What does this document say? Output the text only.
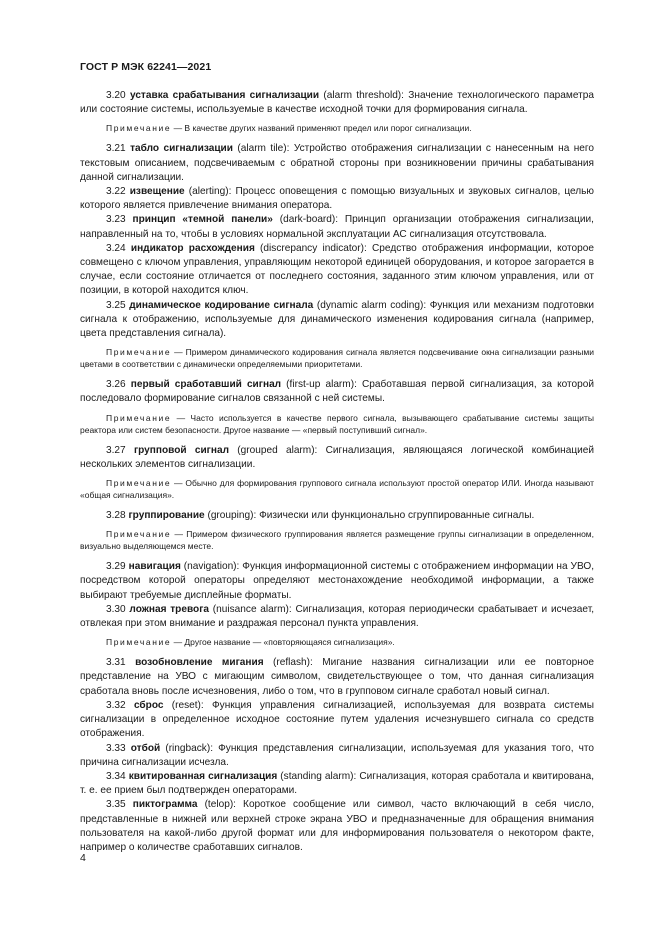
ГОСТ Р МЭК 62241—2021

3.20 уставка срабатывания сигнализации (alarm threshold): Значение технологического параметра или состояние системы, используемые в качестве исходной точки для формирования сигнала.

Примечание — В качестве других названий применяют предел или порог сигнализации.

3.21 табло сигнализации (alarm tile): Устройство отображения сигнализации с нанесенным на него текстовым описанием, подсвечиваемым с обратной стороны при возникновении причины срабатывания данной сигнализации.

3.22 извещение (alerting): Процесс оповещения с помощью визуальных и звуковых сигналов, целью которого является привлечение внимания оператора.

3.23 принцип «темной панели» (dark-board): Принцип организации отображения сигнализации, направленный на то, чтобы в условиях нормальной эксплуатации АС сигнализация отсутствовала.

3.24 индикатор расхождения (discrepancy indicator): Средство отображения информации, которое совмещено с ключом управления, управляющим некоторой единицей оборудования, и которое загорается в случае, если состояние отличается от последнего состояния, заданного этим ключом управления, или от позиции, в которой находится ключ.

3.25 динамическое кодирование сигнала (dynamic alarm coding): Функция или механизм подготовки сигнала к отображению, используемые для динамического изменения кодирования сигнала (например, цвета представления сигнала).

Примечание — Примером динамического кодирования сигнала является подсвечивание окна сигнализации разными цветами в соответствии с динамически определяемыми приоритетами.

3.26 первый сработавший сигнал (first-up alarm): Сработавшая первой сигнализация, за которой последовало формирование сигналов связанной с ней системы.

Примечание — Часто используется в качестве первого сигнала, вызывающего срабатывание системы защиты реактора или систем безопасности. Другое название — «первый поступивший сигнал».

3.27 групповой сигнал (grouped alarm): Сигнализация, являющаяся логической комбинацией нескольких элементов сигнализации.

Примечание — Обычно для формирования группового сигнала используют простой оператор ИЛИ. Иногда называют «общая сигнализация».

3.28 группирование (grouping): Физически или функционально сгруппированные сигналы.

Примечание — Примером физического группирования является размещение группы сигнализации в определенном, визуально выделяющемся месте.

3.29 навигация (navigation): Функция информационной системы с отображением информации на УВО, посредством которой операторы определяют местонахождение необходимой информации, а также выбирают требуемые дисплейные форматы.

3.30 ложная тревога (nuisance alarm): Сигнализация, которая периодически срабатывает и исчезает, отвлекая при этом внимание и раздражая персонал пункта управления.

Примечание — Другое название — «повторяющаяся сигнализация».

3.31 возобновление мигания (reflash): Мигание названия сигнализации или ее повторное представление на УВО с мигающим символом, свидетельствующее о том, что данная сигнализация сработала вновь после исчезновения, либо о том, что в групповом сигнале сработал новый сигнал.

3.32 сброс (reset): Функция управления сигнализацией, используемая для возврата системы сигнализации в определенное исходное состояние путем удаления исчезнувшего сигнала со средств отображения.

3.33 отбой (ringback): Функция представления сигнализации, используемая для указания того, что причина сигнализации исчезла.

3.34 квитированная сигнализация (standing alarm): Сигнализация, которая сработала и квитирована, т. е. ее прием был подтвержден операторами.

3.35 пиктограмма (telop): Короткое сообщение или символ, часто включающий в себя число, представленные в нижней или верхней строке экрана УВО и предназначенные для обращения внимания пользователя на какой-либо другой формат или для информирования пользователя о некотором факте, например о количестве сработавших сигналов.

4
